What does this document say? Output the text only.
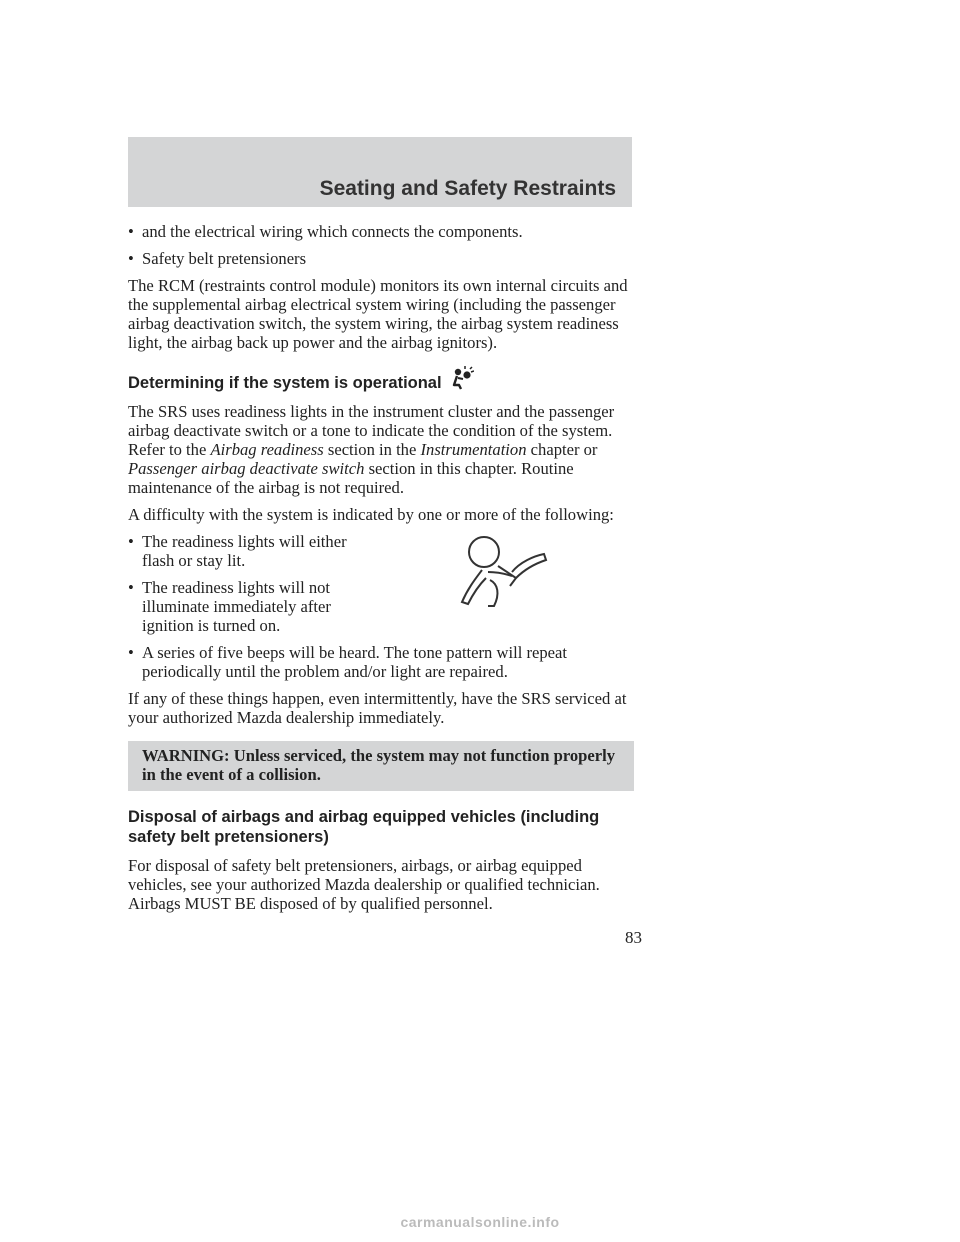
Seating and Safety Restraints
• and the electrical wiring which connects the components.
• Safety belt pretensioners

The RCM (restraints control module) monitors its own internal circuits and the supplemental airbag electrical system wiring (including the passenger airbag deactivation switch, the system wiring, the airbag system readiness light, the airbag back up power and the airbag ignitors).

Determining if the system is operational

The SRS uses readiness lights in the instrument cluster and the passenger airbag deactivate switch or a tone to indicate the condition of the system. Refer to the Airbag readiness section in the Instrumentation chapter or Passenger airbag deactivate switch section in this chapter. Routine maintenance of the airbag is not required.

A difficulty with the system is indicated by one or more of the following:

• The readiness lights will either flash or stay lit.
• The readiness lights will not illuminate immediately after ignition is turned on.
• A series of five beeps will be heard. The tone pattern will repeat periodically until the problem and/or light are repaired.

If any of these things happen, even intermittently, have the SRS serviced at your authorized Mazda dealership immediately.

WARNING: Unless serviced, the system may not function properly in the event of a collision.
Disposal of airbags and airbag equipped vehicles (including safety belt pretensioners)

For disposal of safety belt pretensioners, airbags, or airbag equipped vehicles, see your authorized Mazda dealership or qualified technician. Airbags MUST BE disposed of by qualified personnel.

83
carmanualsonline.info
